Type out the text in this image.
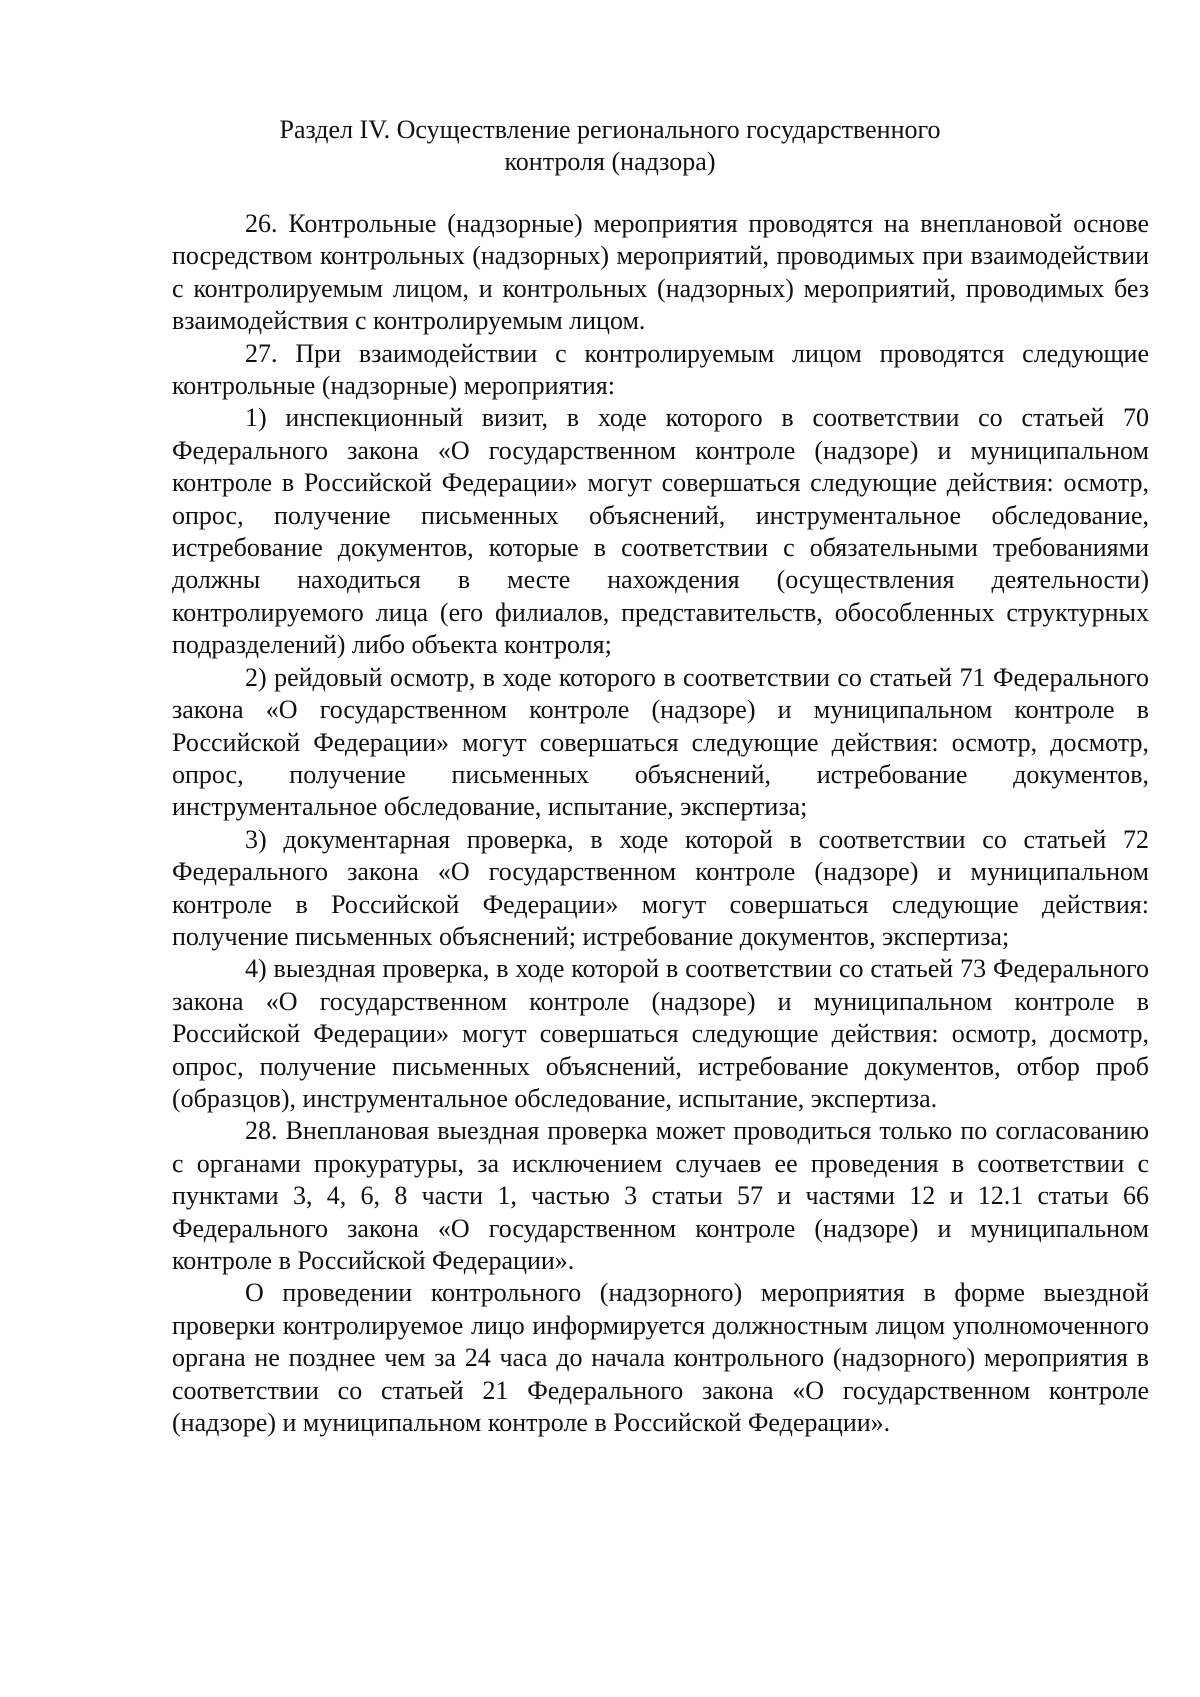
Раздел IV. Осуществление регионального государственного
контроля (надзора)

26. Контрольные (надзорные) мероприятия проводятся на внеплановой основе посредством контрольных (надзорных) мероприятий, проводимых при взаимодействии с контролируемым лицом, и контрольных (надзорных) мероприятий, проводимых без взаимодействия с контролируемым лицом.

27. При взаимодействии с контролируемым лицом проводятся следующие контрольные (надзорные) мероприятия:

1) инспекционный визит, в ходе которого в соответствии со статьей 70 Федерального закона «О государственном контроле (надзоре) и муниципальном контроле в Российской Федерации» могут совершаться следующие действия: осмотр, опрос, получение письменных объяснений, инструментальное обследование, истребование документов, которые в соответствии с обязательными требованиями должны находиться в месте нахождения (осуществления деятельности) контролируемого лица (его филиалов, представительств, обособленных структурных подразделений) либо объекта контроля;

2) рейдовый осмотр, в ходе которого в соответствии со статьей 71 Федерального закона «О государственном контроле (надзоре) и муниципальном контроле в Российской Федерации» могут совершаться следующие действия: осмотр, досмотр, опрос, получение письменных объяснений, истребование документов, инструментальное обследование, испытание, экспертиза;

3) документарная проверка, в ходе которой в соответствии со статьей 72 Федерального закона «О государственном контроле (надзоре) и муниципальном контроле в Российской Федерации» могут совершаться следующие действия: получение письменных объяснений; истребование документов, экспертиза;

4) выездная проверка, в ходе которой в соответствии со статьей 73 Федерального закона «О государственном контроле (надзоре) и муниципальном контроле в Российской Федерации» могут совершаться следующие действия: осмотр, досмотр, опрос, получение письменных объяснений, истребование документов, отбор проб (образцов), инструментальное обследование, испытание, экспертиза.

28. Внеплановая выездная проверка может проводиться только по согласованию с органами прокуратуры, за исключением случаев ее проведения в соответствии с пунктами 3, 4, 6, 8 части 1, частью 3 статьи 57 и частями 12 и 12.1 статьи 66 Федерального закона «О государственном контроле (надзоре) и муниципальном контроле в Российской Федерации».

О проведении контрольного (надзорного) мероприятия в форме выездной проверки контролируемое лицо информируется должностным лицом уполномоченного органа не позднее чем за 24 часа до начала контрольного (надзорного) мероприятия в соответствии со статьей 21 Федерального закона «О государственном контроле (надзоре) и муниципальном контроле в Российской Федерации».
